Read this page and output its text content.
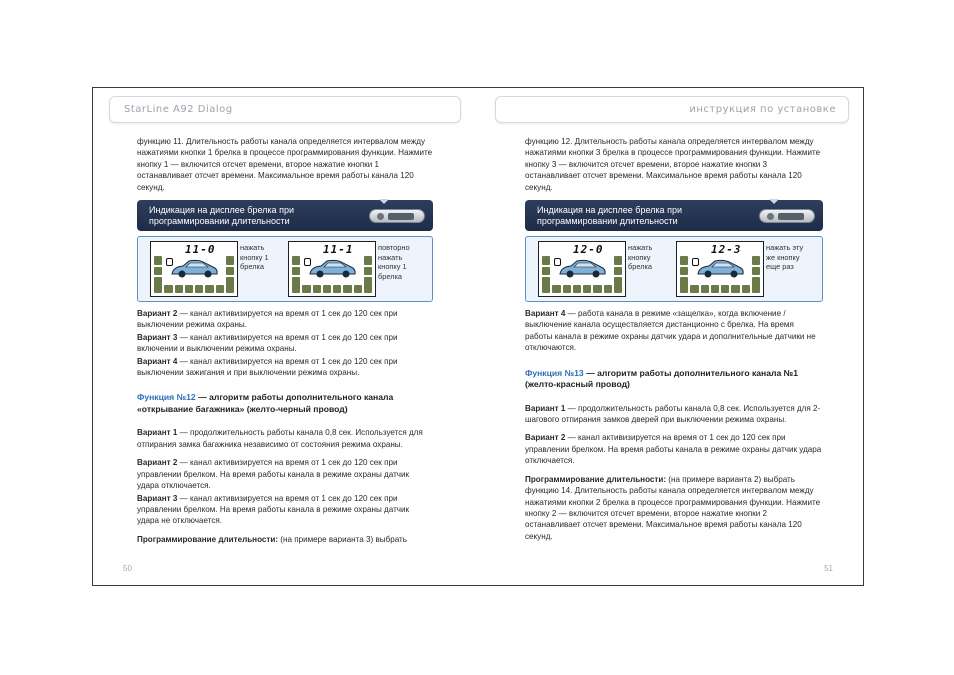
StarLine A92 Dialog

функцию 11. Длительность работы канала определяется интервалом между нажатиями кнопки 1 брелка в процессе программирования функции. Нажмите кнопку 1 — включится отсчет времени, второе нажатие кнопки 1 останавливает отсчет времени. Максимальное время работы канала 120 секунд.

Индикация на дисплее брелка при программировании длительности
11-0	нажать кнопку 1 брелка
11-1	повторно нажать кнопку 1 брелка

Вариант 2 — канал активизируется на время от 1 сек до 120 сек при выключении режима охраны.

Вариант 3 — канал активизируется на время от 1 сек до 120 сек при включении и выключении режима охраны.

Вариант 4 — канал активизируется на время от 1 сек до 120 сек при выключении зажигания и при выключении режима охраны.

Функция №12 — алгоритм работы дополнительного канала «открывание багажника» (желто-черный провод)

Вариант 1 — продолжительность работы канала 0,8 сек. Используется для отпирания замка багажника независимо от состояния режима охраны.

Вариант 2 — канал активизируется на время от 1 сек до 120 сек при управлении брелком. На время работы канала в режиме охраны датчик удара отключается.

Вариант 3 — канал активизируется на время от 1 сек до 120 сек при управлении брелком. На время работы канала в режиме охраны датчик удара не отключается.

Программирование длительности: (на примере варианта 3) выбрать

50
инструкция по установке

функцию 12. Длительность работы канала определяется интервалом между нажатиями кнопки 3 брелка в процессе программирования функции. Нажмите кнопку 3 — включится отсчет времени, второе нажатие кнопки 3 останавливает отсчет времени. Максимальное время работы канала 120 секунд.

Индикация на дисплее брелка при программировании длительности
12-0	нажать кнопку брелка
12-3	нажать эту же кнопку еще раз

Вариант 4 — работа канала в режиме «защелка», когда включение / выключение канала осуществляется дистанционно с брелка. На время работы канала в режиме охраны датчик удара и дополнительные датчики не отключаются.

Функция №13 — алгоритм работы дополнительного канала №1 (желто-красный провод)

Вариант 1 — продолжительность работы канала 0,8 сек. Используется для 2-шагового отпирания замков дверей при выключении режима охраны.

Вариант 2 — канал активизируется на время от 1 сек до 120 сек при управлении брелком. На время работы канала в режиме охраны датчик удара отключается.

Программирование длительности: (на примере варианта 2) выбрать функцию 14. Длительность работы канала определяется интервалом между нажатиями кнопки 2 брелка в процессе программирования функции. Нажмите кнопку 2 — включится отсчет времени, второе нажатие кнопки 2 останавливает отсчет времени. Максимальное время работы канала 120 секунд.

51
